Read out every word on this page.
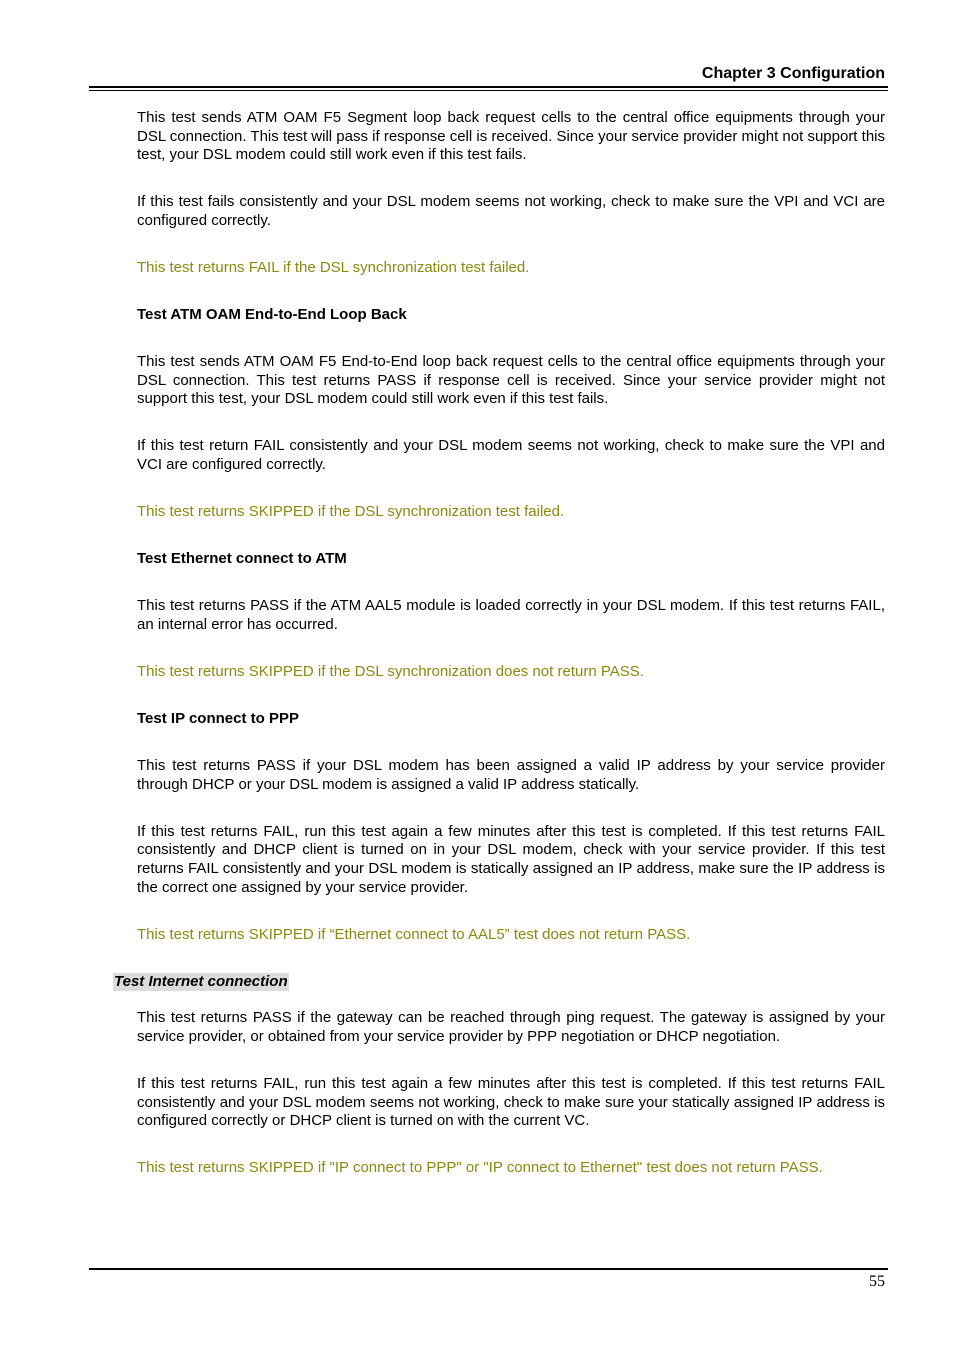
Chapter 3 Configuration

This test sends ATM OAM F5 Segment loop back request cells to the central office equipments through your DSL connection. This test will pass if response cell is received. Since your service provider might not support this test, your DSL modem could still work even if this test fails.

If this test fails consistently and your DSL modem seems not working, check to make sure the VPI and VCI are configured correctly.

This test returns FAIL if the DSL synchronization test failed.

Test ATM OAM End-to-End Loop Back

This test sends ATM OAM F5 End-to-End loop back request cells to the central office equipments through your DSL connection. This test returns PASS if response cell is received. Since your service provider might not support this test, your DSL modem could still work even if this test fails.

If this test return FAIL consistently and your DSL modem seems not working, check to make sure the VPI and VCI are configured correctly.

This test returns SKIPPED if the DSL synchronization test failed.

Test Ethernet connect to ATM

This test returns PASS if the ATM AAL5 module is loaded correctly in your DSL modem. If this test returns FAIL, an internal error has occurred.

This test returns SKIPPED if the DSL synchronization does not return PASS.

Test IP connect to PPP

This test returns PASS if your DSL modem has been assigned a valid IP address by your service provider through DHCP or your DSL modem is assigned a valid IP address statically.

If this test returns FAIL, run this test again a few minutes after this test is completed. If this test returns FAIL consistently and DHCP client is turned on in your DSL modem, check with your service provider. If this test returns FAIL consistently and your DSL modem is statically assigned an IP address, make sure the IP address is the correct one assigned by your service provider.

This test returns SKIPPED if “Ethernet connect to AAL5” test does not return PASS.

Test Internet connection

This test returns PASS if the gateway can be reached through ping request. The gateway is assigned by your service provider, or obtained from your service provider by PPP negotiation or DHCP negotiation.

If this test returns FAIL, run this test again a few minutes after this test is completed. If this test returns FAIL consistently and your DSL modem seems not working, check to make sure your statically assigned IP address is configured correctly or DHCP client is turned on with the current VC.

This test returns SKIPPED if "IP connect to PPP" or "IP connect to Ethernet" test does not return PASS.

55
